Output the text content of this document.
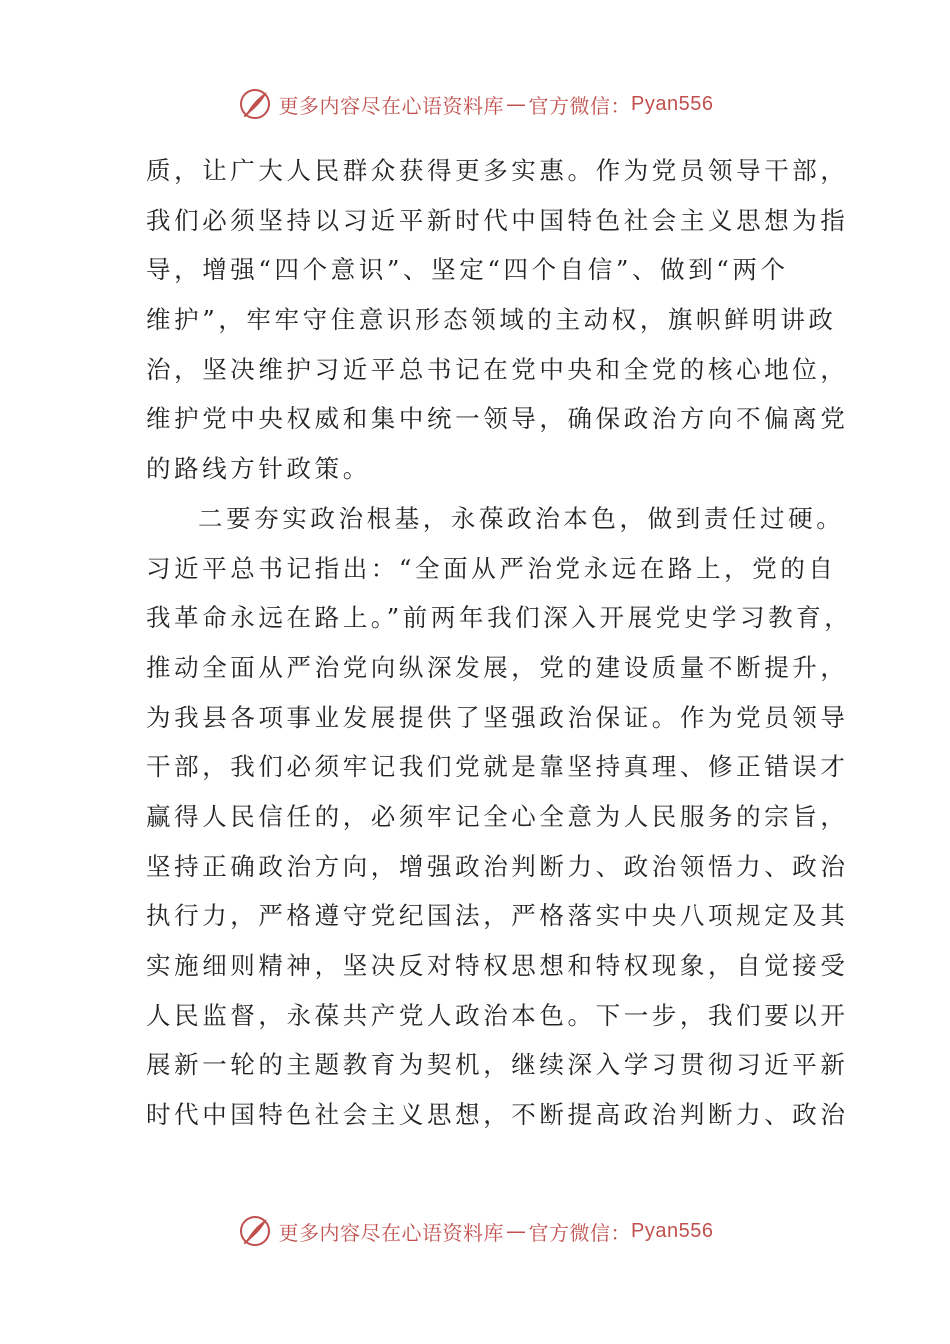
更多内容尽在心语资料库 — 官方微信： Pyan556
质，让广大人民群众获得更多实惠。作为党员领导干部，
我们必须坚持以习近平新时代中国特色社会主义思想为指
导，增强“四个意识”、坚定“四个自信”、做到“两个
维护”，牢牢守住意识形态领域的主动权，旗帜鲜明讲政
治，坚决维护习近平总书记在党中央和全党的核心地位，
维护党中央权威和集中统一领导，确保政治方向不偏离党
的路线方针政策。
二要夯实政治根基，永葆政治本色，做到责任过硬。
习近平总书记指出：“全面从严治党永远在路上，党的自
我革命永远在路上。”前两年我们深入开展党史学习教育，
推动全面从严治党向纵深发展，党的建设质量不断提升，
为我县各项事业发展提供了坚强政治保证。作为党员领导
干部，我们必须牢记我们党就是靠坚持真理、修正错误才
赢得人民信任的，必须牢记全心全意为人民服务的宗旨，
坚持正确政治方向，增强政治判断力、政治领悟力、政治
执行力，严格遵守党纪国法，严格落实中央八项规定及其
实施细则精神，坚决反对特权思想和特权现象，自觉接受
人民监督，永葆共产党人政治本色。下一步，我们要以开
展新一轮的主题教育为契机，继续深入学习贯彻习近平新
时代中国特色社会主义思想，不断提高政治判断力、政治
更多内容尽在心语资料库 — 官方微信： Pyan556
